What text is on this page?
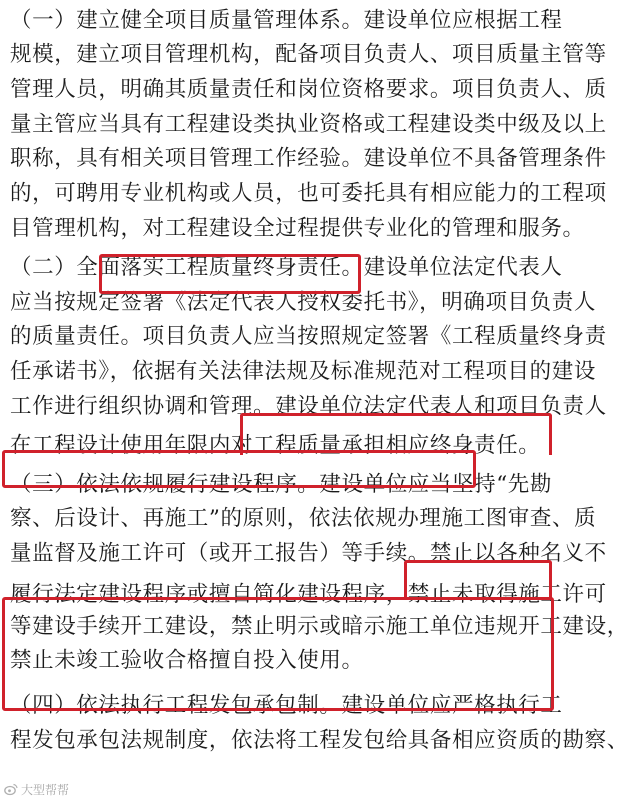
（一）建立健全项目质量管理体系。建设单位应根据工程
规模，建立项目管理机构，配备项目负责人、项目质量主管等
管理人员，明确其质量责任和岗位资格要求。项目负责人、质
量主管应当具有工程建设类执业资格或工程建设类中级及以上
职称，具有相关项目管理工作经验。建设单位不具备管理条件
的，可聘用专业机构或人员，也可委托具有相应能力的工程项
目管理机构，对工程建设全过程提供专业化的管理和服务。
（二）全面落实工程质量终身责任。建设单位法定代表人
应当按规定签署《法定代表人授权委托书》，明确项目负责人
的质量责任。项目负责人应当按照规定签署《工程质量终身责
任承诺书》，依据有关法律法规及标准规范对工程项目的建设
工作进行组织协调和管理。建设单位法定代表人和项目负责人
在工程设计使用年限内对工程质量承担相应终身责任。
（三）依法依规履行建设程序。建设单位应当坚持“先勘
察、后设计、再施工”的原则，依法依规办理施工图审查、质
量监督及施工许可（或开工报告）等手续。禁止以各种名义不
履行法定建设程序或擅自简化建设程序，禁止未取得施工许可
等建设手续开工建设，禁止明示或暗示施工单位违规开工建设，
禁止未竣工验收合格擅自投入使用。
（四）依法执行工程发包承包制。建设单位应严格执行工
程发包承包法规制度，依法将工程发包给具备相应资质的勘察、
大型帮帮
